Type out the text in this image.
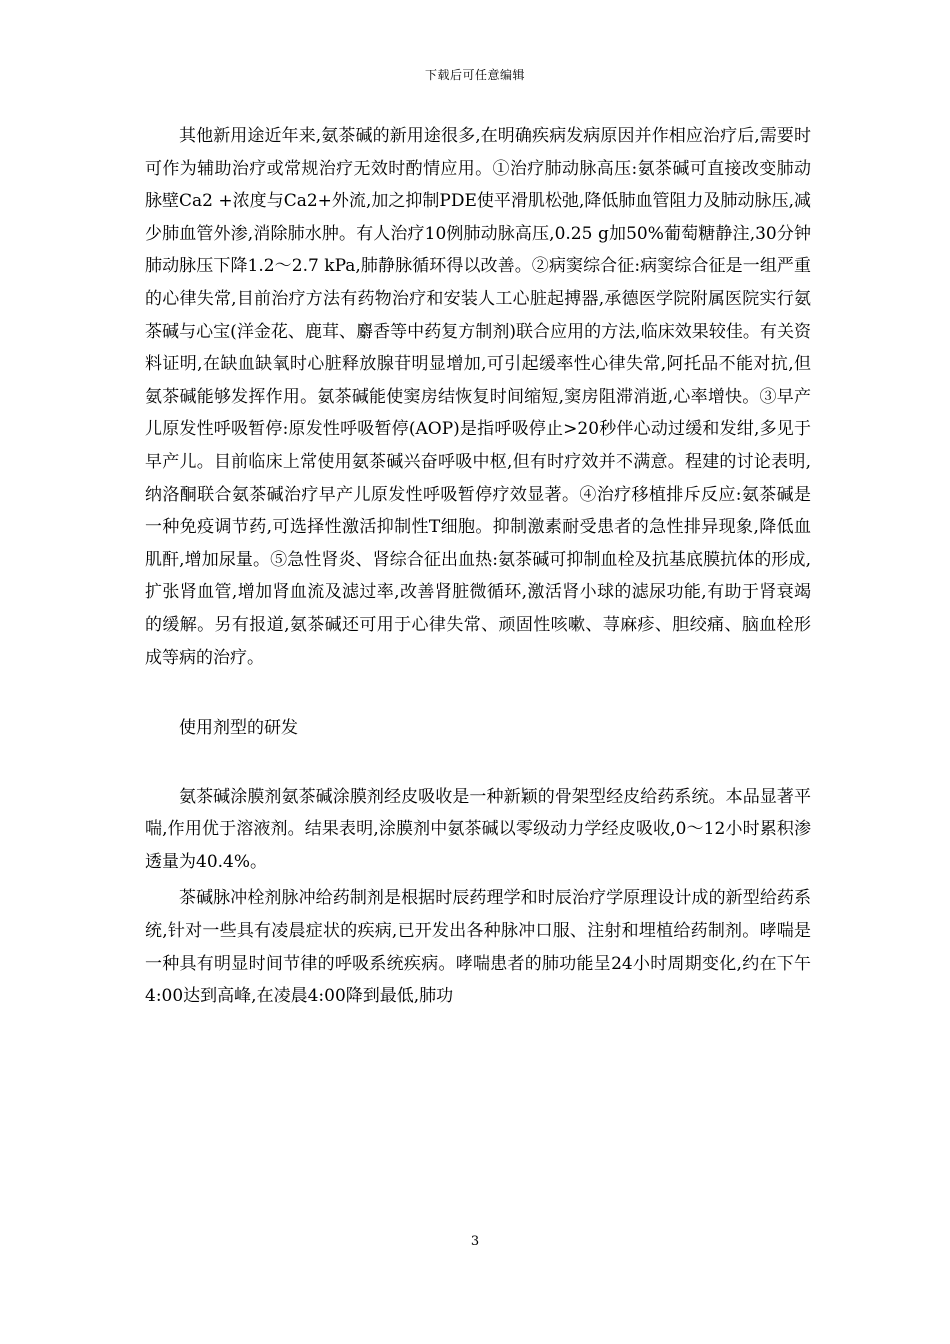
下载后可任意编辑

其他新用途近年来,氨茶碱的新用途很多,在明确疾病发病原因并作相应治疗后,需要时可作为辅助治疗或常规治疗无效时酌情应用。①治疗肺动脉高压:氨茶碱可直接改变肺动脉壁Ca2 +浓度与Ca2+外流,加之抑制PDE使平滑肌松弛,降低肺血管阻力及肺动脉压,减少肺血管外渗,消除肺水肿。有人治疗10例肺动脉高压,0.25 g加50%葡萄糖静注,30分钟肺动脉压下降1.2～2.7 kPa,肺静脉循环得以改善。②病窦综合征:病窦综合征是一组严重的心律失常,目前治疗方法有药物治疗和安装人工心脏起搏器,承德医学院附属医院实行氨茶碱与心宝(洋金花、鹿茸、麝香等中药复方制剂)联合应用的方法,临床效果较佳。有关资料证明,在缺血缺氧时心脏释放腺苷明显增加,可引起缓率性心律失常,阿托品不能对抗,但氨茶碱能够发挥作用。氨茶碱能使窦房结恢复时间缩短,窦房阻滞消逝,心率增快。③早产儿原发性呼吸暂停:原发性呼吸暂停(AOP)是指呼吸停止>20秒伴心动过缓和发绀,多见于早产儿。目前临床上常使用氨茶碱兴奋呼吸中枢,但有时疗效并不满意。程建的讨论表明,纳洛酮联合氨茶碱治疗早产儿原发性呼吸暂停疗效显著。④治疗移植排斥反应:氨茶碱是一种免疫调节药,可选择性激活抑制性T细胞。抑制激素耐受患者的急性排异现象,降低血肌酐,增加尿量。⑤急性肾炎、肾综合征出血热:氨茶碱可抑制血栓及抗基底膜抗体的形成,扩张肾血管,增加肾血流及滤过率,改善肾脏微循环,激活肾小球的滤尿功能,有助于肾衰竭的缓解。另有报道,氨茶碱还可用于心律失常、顽固性咳嗽、荨麻疹、胆绞痛、脑血栓形成等病的治疗。

使用剂型的研发

氨茶碱涂膜剂氨茶碱涂膜剂经皮吸收是一种新颖的骨架型经皮给药系统。本品显著平喘,作用优于溶液剂。结果表明,涂膜剂中氨茶碱以零级动力学经皮吸收,0～12小时累积渗透量为40.4%。

茶碱脉冲栓剂脉冲给药制剂是根据时辰药理学和时辰治疗学原理设计成的新型给药系统,针对一些具有凌晨症状的疾病,已开发出各种脉冲口服、注射和埋植给药制剂。哮喘是一种具有明显时间节律的呼吸系统疾病。哮喘患者的肺功能呈24小时周期变化,约在下午4:00达到高峰,在凌晨4:00降到最低,肺功

3
